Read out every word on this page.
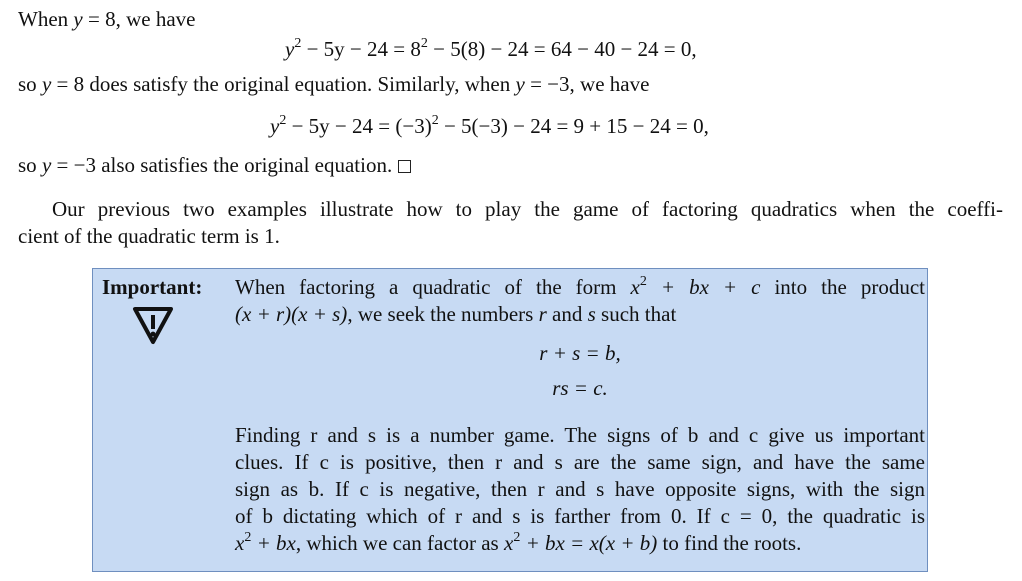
When y = 8, we have
$y^2 - 5y - 24 = 8^2 - 5(8) - 24 = 64 - 40 - 24 = 0$,
so y = 8 does satisfy the original equation. Similarly, when y = −3, we have
$y^2 - 5y - 24 = (-3)^2 - 5(-3) - 24 = 9 + 15 - 24 = 0$,
so y = −3 also satisfies the original equation.
Our previous two examples illustrate how to play the game of factoring quadratics when the coeffi-
cient of the quadratic term is 1.
Important: When factoring a quadratic of the form $x^2$ + bx + c into the product
(x + r)(x + s), we seek the numbers r and s such that
r + s = b,
rs = c.
Finding r and s is a number game. The signs of b and c give us important
clues. If c is positive, then r and s are the same sign, and have the same
sign as b. If c is negative, then r and s have opposite signs, with the sign
of b dictating which of r and s is farther from 0. If c = 0, the quadratic is
$x^2$ + bx, which we can factor as $x^2$ + bx = x(x + b) to find the roots.
